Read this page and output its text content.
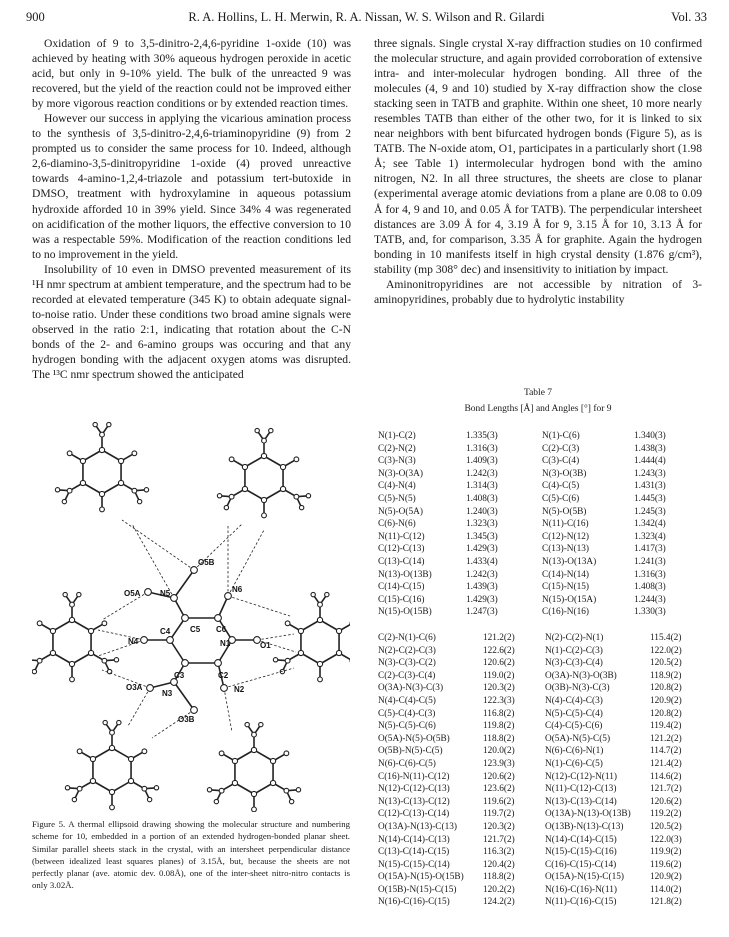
900	R. A. Hollins, L. H. Merwin, R. A. Nissan, W. S. Wilson and R. Gilardi	Vol. 33

Oxidation of 9 to 3,5-dinitro-2,4,6-pyridine 1-oxide (10) was achieved by heating with 30% aqueous hydrogen peroxide in acetic acid, but only in 9-10% yield. The bulk of the unreacted 9 was recovered, but the yield of the reaction could not be improved either by more vigorous reaction conditions or by extended reaction times.

However our success in applying the vicarious amination process to the synthesis of 3,5-dinitro-2,4,6-triaminopyridine (9) from 2 prompted us to consider the same process for 10. Indeed, although 2,6-diamino-3,5-dinitropyridine 1-oxide (4) proved unreactive towards 4-amino-1,2,4-triazole and potassium tert-butoxide in DMSO, treatment with hydroxylamine in aqueous potassium hydroxide afforded 10 in 39% yield. Since 34% 4 was regenerated on acidification of the mother liquors, the effective conversion to 10 was a respectable 59%. Modification of the reaction conditions led to no improvement in the yield.

Insolubility of 10 even in DMSO prevented measurement of its ¹H nmr spectrum at ambient temperature, and the spectrum had to be recorded at elevated temperature (345 K) to obtain adequate signal-to-noise ratio. Under these conditions two broad amine signals were observed in the ratio 2:1, indicating that rotation about the C-N bonds of the 2- and 6-amino groups was occuring and that any hydrogen bonding with the adjacent oxygen atoms was disrupted. The ¹³C nmr spectrum showed the anticipated

three signals. Single crystal X-ray diffraction studies on 10 confirmed the molecular structure, and again provided corroboration of extensive intra- and inter-molecular hydrogen bonding. All three of the molecules (4, 9 and 10) studied by X-ray diffraction show the close stacking seen in TATB and graphite. Within one sheet, 10 more nearly resembles TATB than either of the other two, for it is linked to six near neighbors with bent bifurcated hydrogen bonds (Figure 5), as is TATB. The N-oxide atom, O1, participates in a particularly short (1.98 Å; see Table 1) intermolecular hydrogen bond with the amino nitrogen, N2. In all three structures, the sheets are close to planar (experimental average atomic deviations from a plane are 0.08 to 0.09 Å for 4, 9 and 10, and 0.05 Å for TATB). The perpendicular intersheet distances are 3.09 Å for 4, 3.19 Å for 9, 3.15 Å for 10, 3.13 Å for TATB, and, for comparison, 3.35 Å for graphite. Again the hydrogen bonding in 10 manifests itself in high crystal density (1.876 g/cm³), stability (mp 308° dec) and insensitivity to initiation by impact.

Aminonitropyridines are not accessible by nitration of 3-aminopyridines, probably due to hydrolytic instability

Table 7
Bond Lengths [Å] and Angles [°] for 9
N(1)-C(2)	1.335(3)	N(1)-C(6)	1.340(3)
C(2)-N(2)	1.316(3)	C(2)-C(3)	1.438(3)
C(3)-N(3)	1.409(3)	C(3)-C(4)	1.444(4)
N(3)-O(3A)	1.242(3)	N(3)-O(3B)	1.243(3)
C(4)-N(4)	1.314(3)	C(4)-C(5)	1.431(3)
C(5)-N(5)	1.408(3)	C(5)-C(6)	1.445(3)
N(5)-O(5A)	1.240(3)	N(5)-O(5B)	1.245(3)
C(6)-N(6)	1.323(3)	N(11)-C(16)	1.342(4)
N(11)-C(12)	1.345(3)	C(12)-N(12)	1.323(4)
C(12)-C(13)	1.429(3)	C(13)-N(13)	1.417(3)
C(13)-C(14)	1.433(4)	N(13)-O(13A)	1.241(3)
N(13)-O(13B)	1.242(3)	C(14)-N(14)	1.316(3)
C(14)-C(15)	1.439(3)	C(15)-N(15)	1.408(3)
C(15)-C(16)	1.429(3)	N(15)-O(15A)	1.244(3)
N(15)-O(15B)	1.247(3)	C(16)-N(16)	1.330(3)
C(2)-N(1)-C(6)	121.2(2)	N(2)-C(2)-N(1)	115.4(2)
N(2)-C(2)-C(3)	122.6(2)	N(1)-C(2)-C(3)	122.0(2)
N(3)-C(3)-C(2)	120.6(2)	N(3)-C(3)-C(4)	120.5(2)
C(2)-C(3)-C(4)	119.0(2)	O(3A)-N(3)-O(3B)	118.9(2)
O(3A)-N(3)-C(3)	120.3(2)	O(3B)-N(3)-C(3)	120.8(2)
N(4)-C(4)-C(5)	122.3(3)	N(4)-C(4)-C(3)	120.9(2)
C(5)-C(4)-C(3)	116.8(2)	N(5)-C(5)-C(4)	120.8(2)
N(5)-C(5)-C(6)	119.8(2)	C(4)-C(5)-C(6)	119.4(2)
O(5A)-N(5)-O(5B)	118.8(2)	O(5A)-N(5)-C(5)	121.2(2)
O(5B)-N(5)-C(5)	120.0(2)	N(6)-C(6)-N(1)	114.7(2)
N(6)-C(6)-C(5)	123.9(3)	N(1)-C(6)-C(5)	121.4(2)
C(16)-N(11)-C(12)	120.6(2)	N(12)-C(12)-N(11)	114.6(2)
N(12)-C(12)-C(13)	123.6(2)	N(11)-C(12)-C(13)	121.7(2)
N(13)-C(13)-C(12)	119.6(2)	N(13)-C(13)-C(14)	120.6(2)
C(12)-C(13)-C(14)	119.7(2)	O(13A)-N(13)-O(13B)	119.2(2)
O(13A)-N(13)-C(13)	120.3(2)	O(13B)-N(13)-C(13)	120.5(2)
N(14)-C(14)-C(13)	121.7(2)	N(14)-C(14)-C(15)	122.0(3)
C(13)-C(14)-C(15)	116.3(2)	N(15)-C(15)-C(16)	119.9(2)
N(15)-C(15)-C(14)	120.4(2)	C(16)-C(15)-C(14)	119.6(2)
O(15A)-N(15)-O(15B)	118.8(2)	O(15A)-N(15)-C(15)	120.9(2)
O(15B)-N(15)-C(15)	120.2(2)	N(16)-C(16)-N(11)	114.0(2)
N(16)-C(16)-C(15)	124.2(2)	N(11)-C(16)-C(15)	121.8(2)
O5B
N6
N5
O5A
C5 C6
N4
C4
N1	O1
C3	C2
O3A
N3	N2
O3B
Figure 5. A thermal ellipsoid drawing showing the molecular structure and numbering scheme for 10, embedded in a portion of an extended hydrogen-bonded planar sheet. Similar parallel sheets stack in the crystal, with an intersheet perpendicular distance (between idealized least squares planes) of 3.15Å, but, because the sheets are not perfectly planar (ave. atomic dev. 0.08Å), one of the inter-sheet nitro-nitro contacts is only 3.02Å.
